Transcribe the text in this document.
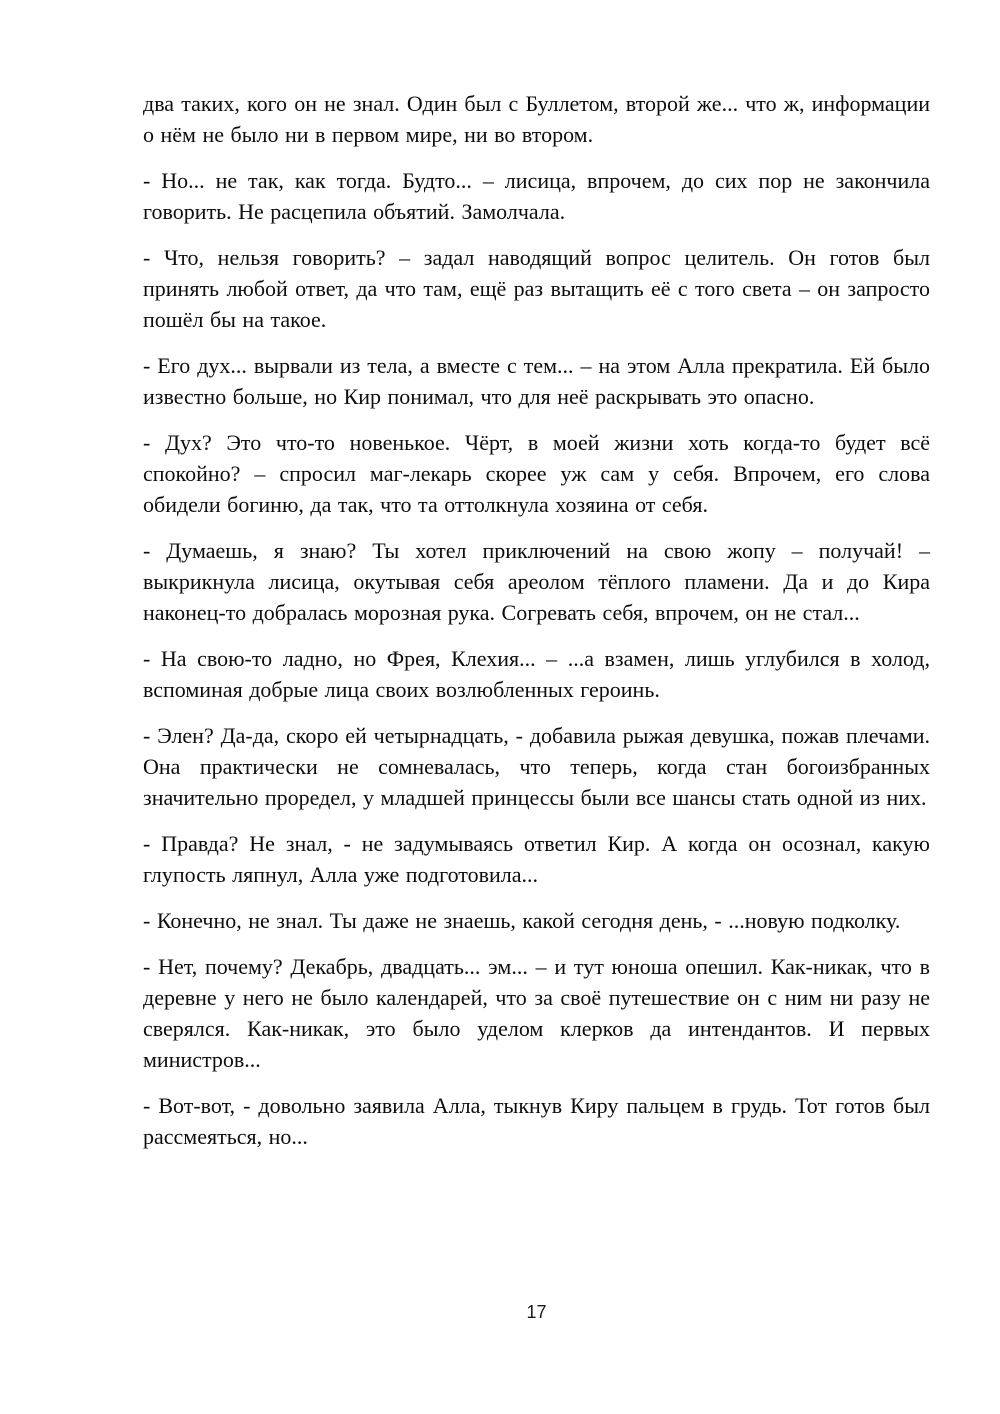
два таких, кого он не знал. Один был с Буллетом, второй же... что ж, информации о нём не было ни в первом мире, ни во втором.

- Но... не так, как тогда. Будто... – лисица, впрочем, до сих пор не закончила говорить. Не расцепила объятий. Замолчала.

- Что, нельзя говорить? – задал наводящий вопрос целитель. Он готов был принять любой ответ, да что там, ещё раз вытащить её с того света – он запросто пошёл бы на такое.

- Его дух... вырвали из тела, а вместе с тем... – на этом Алла прекратила. Ей было известно больше, но Кир понимал, что для неё раскрывать это опасно.

- Дух? Это что-то новенькое. Чёрт, в моей жизни хоть когда-то будет всё спокойно? – спросил маг-лекарь скорее уж сам у себя. Впрочем, его слова обидели богиню, да так, что та оттолкнула хозяина от себя.

- Думаешь, я знаю? Ты хотел приключений на свою жопу – получай! – выкрикнула лисица, окутывая себя ареолом тёплого пламени. Да и до Кира наконец-то добралась морозная рука. Согревать себя, впрочем, он не стал...

- На свою-то ладно, но Фрея, Клехия... – ...а взамен, лишь углубился в холод, вспоминая добрые лица своих возлюбленных героинь.

- Элен? Да-да, скоро ей четырнадцать, - добавила рыжая девушка, пожав плечами. Она практически не сомневалась, что теперь, когда стан богоизбранных значительно проредел, у младшей принцессы были все шансы стать одной из них.

- Правда? Не знал, - не задумываясь ответил Кир. А когда он осознал, какую глупость ляпнул, Алла уже подготовила...

- Конечно, не знал. Ты даже не знаешь, какой сегодня день, - ...новую подколку.

- Нет, почему? Декабрь, двадцать... эм... – и тут юноша опешил. Как-никак, что в деревне у него не было календарей, что за своё путешествие он с ним ни разу не сверялся. Как-никак, это было уделом клерков да интендантов. И первых министров...

- Вот-вот, - довольно заявила Алла, тыкнув Киру пальцем в грудь. Тот готов был рассмеяться, но...

17
